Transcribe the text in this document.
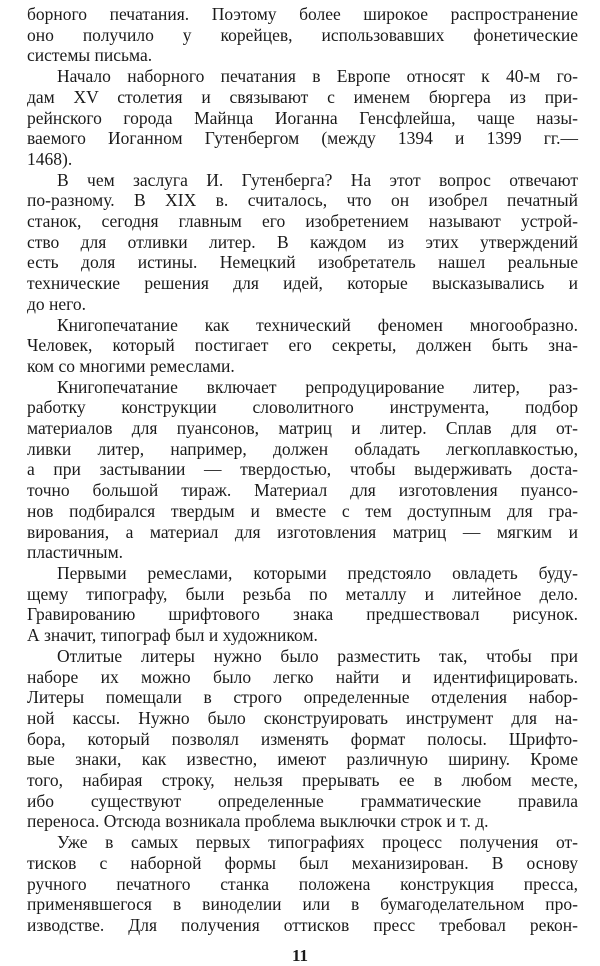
борного печатания. Поэтому более широкое распространение
оно получило у корейцев, использовавших фонетические
системы письма.
Начало наборного печатания в Европе относят к 40-м го-
дам XV столетия и связывают с именем бюргера из при-
рейнского города Майнца Иоганна Генсфлейша, чаще назы-
ваемого Иоганном Гутенбергом (между 1394 и 1399 гг.—
1468).
В чем заслуга И. Гутенберга? На этот вопрос отвечают
по-разному. В XIX в. считалось, что он изобрел печатный
станок, сегодня главным его изобретением называют устрой-
ство для отливки литер. В каждом из этих утверждений
есть доля истины. Немецкий изобретатель нашел реальные
технические решения для идей, которые высказывались и
до него.
Книгопечатание как технический феномен многообразно.
Человек, который постигает его секреты, должен быть зна-
ком со многими ремеслами.
Книгопечатание включает репродуцирование литер, раз-
работку конструкции словолитного инструмента, подбор
материалов для пуансонов, матриц и литер. Сплав для от-
ливки литер, например, должен обладать легкоплавкостью,
а при застывании — твердостью, чтобы выдерживать доста-
точно большой тираж. Материал для изготовления пуансо-
нов подбирался твердым и вместе с тем доступным для гра-
вирования, а материал для изготовления матриц — мягким и
пластичным.
Первыми ремеслами, которыми предстояло овладеть буду-
щему типографу, были резьба по металлу и литейное дело.
Гравированию шрифтового знака предшествовал рисунок.
А значит, типограф был и художником.
Отлитые литеры нужно было разместить так, чтобы при
наборе их можно было легко найти и идентифицировать.
Литеры помещали в строго определенные отделения набор-
ной кассы. Нужно было сконструировать инструмент для на-
бора, который позволял изменять формат полосы. Шрифто-
вые знаки, как известно, имеют различную ширину. Кроме
того, набирая строку, нельзя прерывать ее в любом месте,
ибо существуют определенные грамматические правила
переноса. Отсюда возникала проблема выключки строк и т. д.
Уже в самых первых типографиях процесс получения от-
тисков с наборной формы был механизирован. В основу
ручного печатного станка положена конструкция пресса,
применявшегося в виноделии или в бумагоделательном про-
изводстве. Для получения оттисков пресс требовал рекон-
11
